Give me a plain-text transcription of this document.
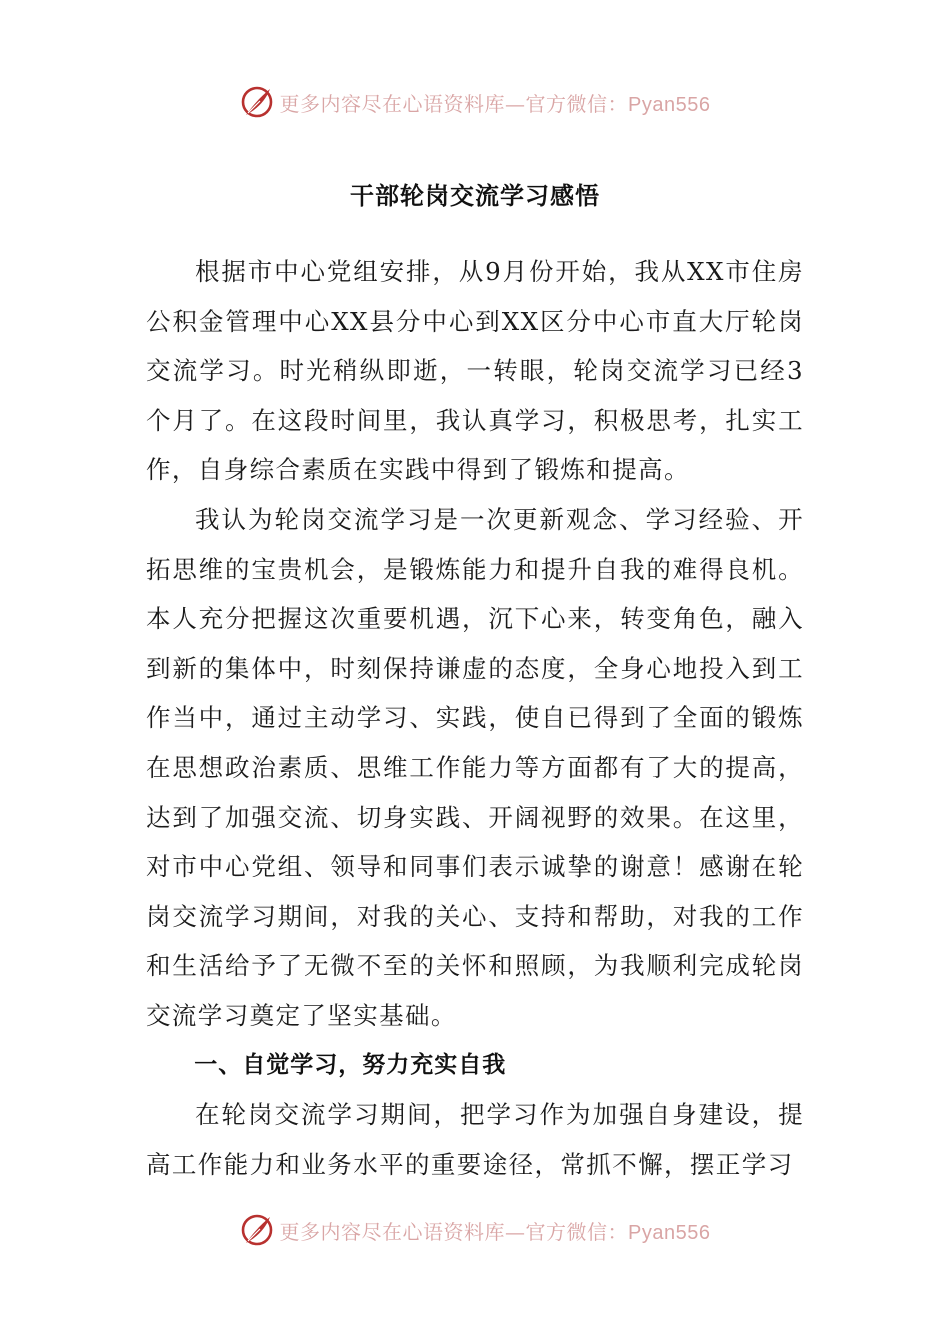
更多内容尽在心语资料库—官方微信：Pyan556
干部轮岗交流学习感悟

根据市中心党组安排，从9月份开始，我从XX市住房公积金管理中心XX县分中心到XX区分中心市直大厅轮岗交流学习。时光稍纵即逝，一转眼，轮岗交流学习已经3个月了。在这段时间里，我认真学习，积极思考，扎实工作，自身综合素质在实践中得到了锻炼和提高。

我认为轮岗交流学习是一次更新观念、学习经验、开拓思维的宝贵机会，是锻炼能力和提升自我的难得良机。本人充分把握这次重要机遇，沉下心来，转变角色，融入到新的集体中，时刻保持谦虚的态度，全身心地投入到工作当中，通过主动学习、实践，使自已得到了全面的锻炼在思想政治素质、思维工作能力等方面都有了大的提高，达到了加强交流、切身实践、开阔视野的效果。在这里，对市中心党组、领导和同事们表示诚挚的谢意！感谢在轮岗交流学习期间，对我的关心、支持和帮助，对我的工作和生活给予了无微不至的关怀和照顾，为我顺利完成轮岗交流学习奠定了坚实基础。

一、自觉学习，努力充实自我

在轮岗交流学习期间，把学习作为加强自身建设，提高工作能力和业务水平的重要途径，常抓不懈，摆正学习

更多内容尽在心语资料库—官方微信：Pyan556
